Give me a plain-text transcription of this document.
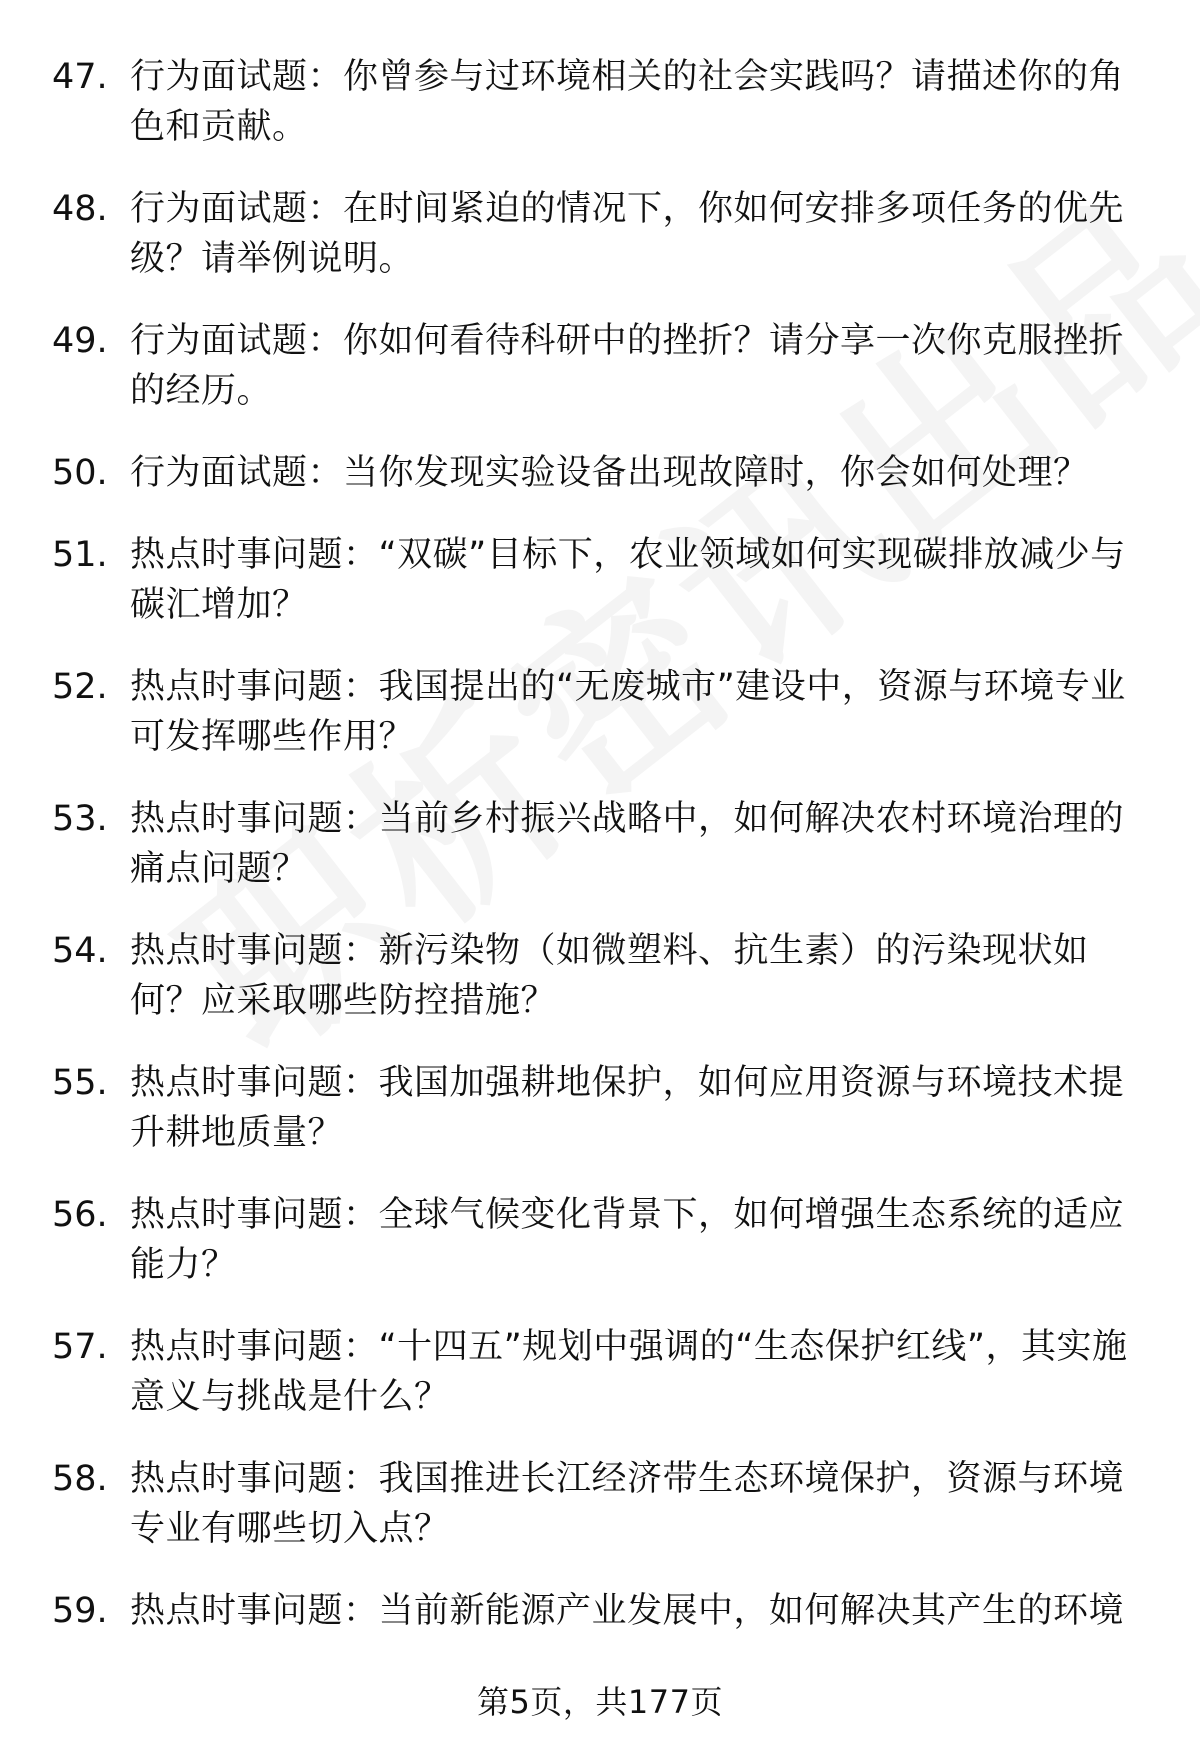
47. 行为面试题：你曾参与过环境相关的社会实践吗？请描述你的角色和贡献。
48. 行为面试题：在时间紧迫的情况下，你如何安排多项任务的优先级？请举例说明。
49. 行为面试题：你如何看待科研中的挫折？请分享一次你克服挫折的经历。
50. 行为面试题：当你发现实验设备出现故障时，你会如何处理？
51. 热点时事问题：“双碳”目标下，农业领域如何实现碳排放减少与碳汇增加？
52. 热点时事问题：我国提出的“无废城市”建设中，资源与环境专业可发挥哪些作用？
53. 热点时事问题：当前乡村振兴战略中，如何解决农村环境治理的痛点问题？
54. 热点时事问题：新污染物（如微塑料、抗生素）的污染现状如何？应采取哪些防控措施？
55. 热点时事问题：我国加强耕地保护，如何应用资源与环境技术提升耕地质量？
56. 热点时事问题：全球气候变化背景下，如何增强生态系统的适应能力？
57. 热点时事问题：“十四五”规划中强调的“生态保护红线”，其实施意义与挑战是什么？
58. 热点时事问题：我国推进长江经济带生态环境保护，资源与环境专业有哪些切入点？
59. 热点时事问题：当前新能源产业发展中，如何解决其产生的环境
第5页，共177页
